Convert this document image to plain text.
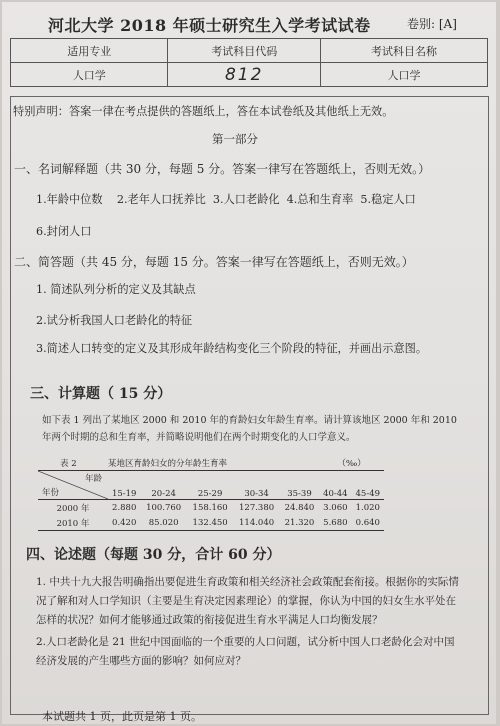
河北大学 2018 年硕士研究生入学考试试卷	卷别: [A]
适用专业	考试科目代码	考试科目名称
人口学	812	人口学
特别声明：答案一律在考点提供的答题纸上，答在本试卷纸及其他纸上无效。
第一部分
一、名词解释题（共 30 分，每题 5 分。答案一律写在答题纸上，否则无效。）
1.年龄中位数    2.老年人口抚养比  3.人口老龄化  4.总和生育率  5.稳定人口
6.封闭人口
二、简答题（共 45 分，每题 15 分。答案一律写在答题纸上，否则无效。）
1. 简述队列分析的定义及其缺点
2.试分析我国人口老龄化的特征
3.简述人口转变的定义及其形成年龄结构变化三个阶段的特征，并画出示意图。
三、计算题（ 15 分）
如下表 1 列出了某地区 2000 和 2010 年的育龄妇女年龄生育率。请计算该地区 2000 年和 2010 年两个时期的总和生育率，并简略说明他们在两个时期变化的人口学意义。
表 2	某地区育龄妇女的分年龄生育率					（‰）	

年龄
年份	15-19	20-24	25-29	30-34	35-39	40-44	45-49
2000 年	2.880	100.760	158.160	127.380	24.840	3.060	1.020
2010 年	0.420	85.020	132.450	114.040	21.320	5.680	0.640
四、论述题（每题 30 分，合计 60 分）
1. 中共十九大报告明确指出要促进生育政策和相关经济社会政策配套衔接。根据你的实际情况了解和对人口学知识（主要是生育决定因素理论）的掌握，你认为中国的妇女生水平处在怎样的状况？如何才能够通过政策的衔接促进生育水平满足人口均衡发展？
2.人口老龄化是 21 世纪中国面临的一个重要的人口问题，试分析中国人口老龄化会对中国经济发展的产生哪些方面的影响？如何应对？
本试题共 1 页，此页是第 1 页。
